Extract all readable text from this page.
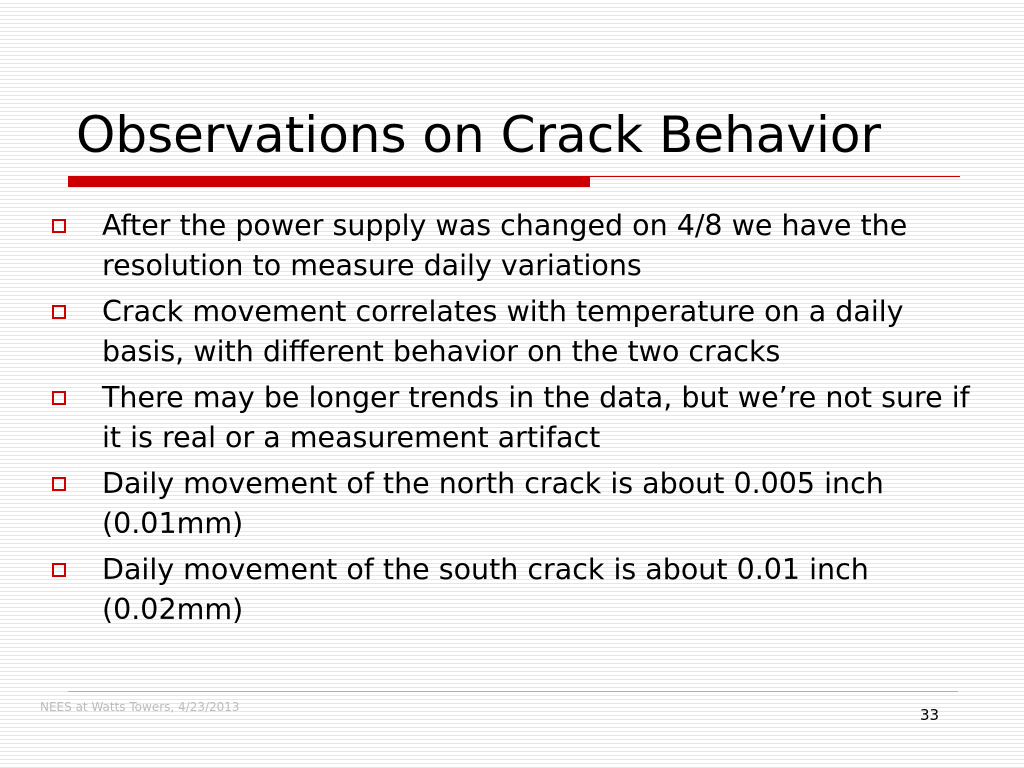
Observations on Crack Behavior
After the power supply was changed on 4/8 we have the resolution to measure daily variations
Crack movement correlates with temperature on a daily basis, with different behavior on the two cracks
There may be longer trends in the data, but we’re not sure if it is real or a measurement artifact
Daily movement of the north crack is about 0.005 inch (0.01mm)
Daily movement of the south crack is about 0.01 inch (0.02mm)
NEES at Watts Towers, 4/23/2013	33
